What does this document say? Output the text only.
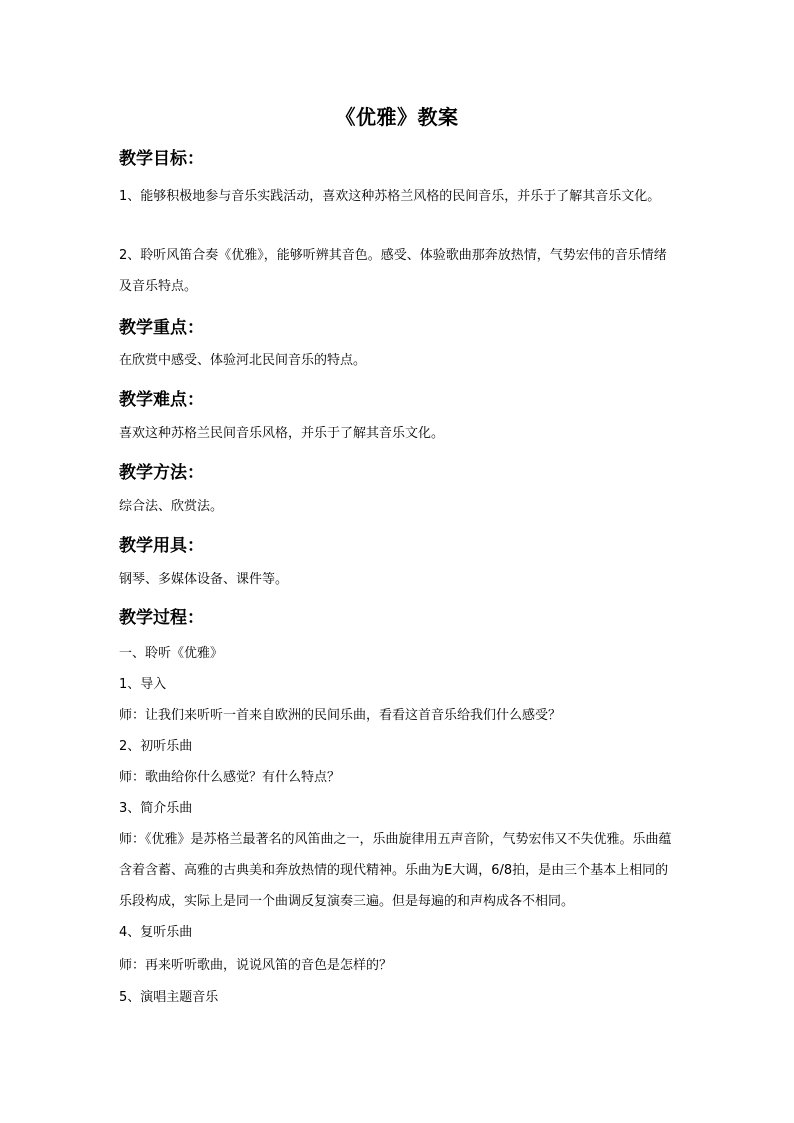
《优雅》教案
教学目标：
1、能够积极地参与音乐实践活动，喜欢这种苏格兰风格的民间音乐，并乐于了解其音乐文化。
2、聆听风笛合奏《优雅》，能够听辨其音色。感受、体验歌曲那奔放热情，气势宏伟的音乐情绪及音乐特点。
教学重点：
在欣赏中感受、体验河北民间音乐的特点。
教学难点：
喜欢这种苏格兰民间音乐风格，并乐于了解其音乐文化。
教学方法：
综合法、欣赏法。
教学用具：
钢琴、多媒体设备、课件等。
教学过程：
一、聆听《优雅》
1、导入
师：让我们来听听一首来自欧洲的民间乐曲，看看这首音乐给我们什么感受？
2、初听乐曲
师：歌曲给你什么感觉？有什么特点？
3、简介乐曲
师：《优雅》是苏格兰最著名的风笛曲之一，乐曲旋律用五声音阶，气势宏伟又不失优雅。乐曲蕴含着含蓄、高雅的古典美和奔放热情的现代精神。乐曲为E大调，6/8拍，是由三个基本上相同的乐段构成，实际上是同一个曲调反复演奏三遍。但是每遍的和声构成各不相同。
4、复听乐曲
师：再来听听歌曲，说说风笛的音色是怎样的？
5、演唱主题音乐
